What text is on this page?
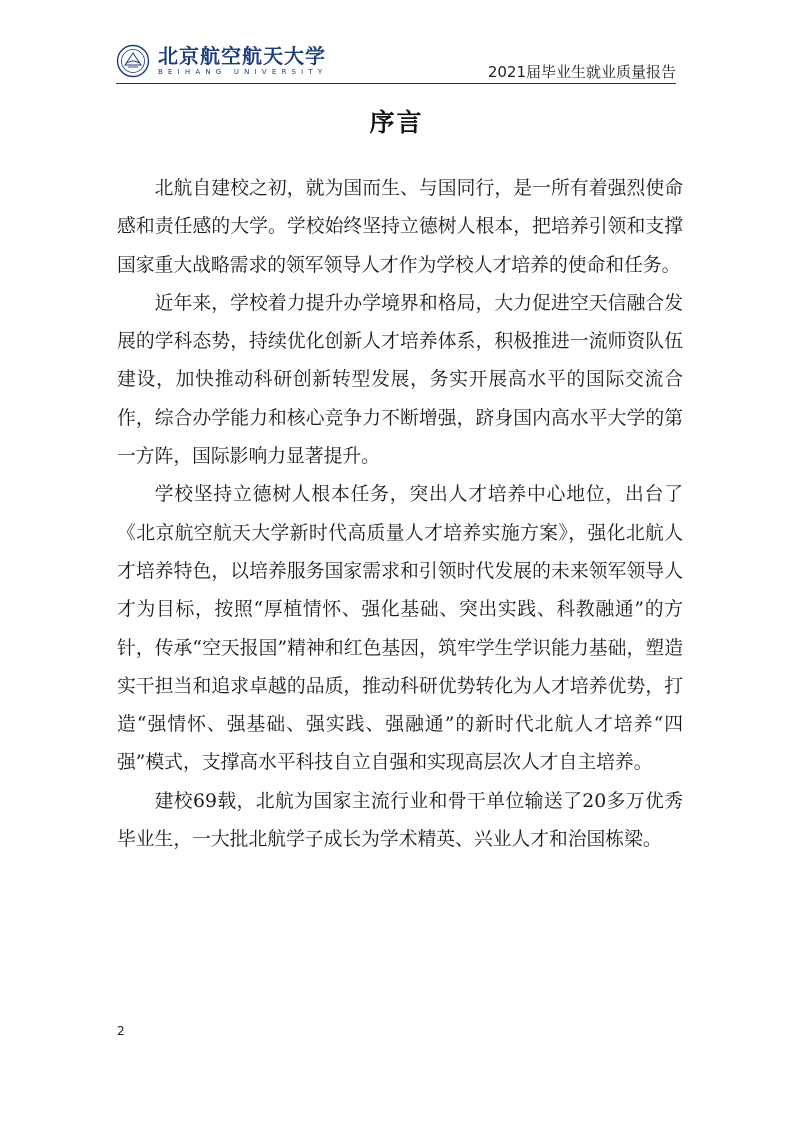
北京航空航天大学
BEIHANG UNIVERSITY	2021届毕业生就业质量报告
序言

北航自建校之初，就为国而生、与国同行，是一所有着强烈使命感和责任感的大学。学校始终坚持立德树人根本，把培养引领和支撑国家重大战略需求的领军领导人才作为学校人才培养的使命和任务。

近年来，学校着力提升办学境界和格局，大力促进空天信融合发展的学科态势，持续优化创新人才培养体系，积极推进一流师资队伍建设，加快推动科研创新转型发展，务实开展高水平的国际交流合作，综合办学能力和核心竞争力不断增强，跻身国内高水平大学的第一方阵，国际影响力显著提升。

学校坚持立德树人根本任务，突出人才培养中心地位，出台了《北京航空航天大学新时代高质量人才培养实施方案》，强化北航人才培养特色，以培养服务国家需求和引领时代发展的未来领军领导人才为目标，按照“厚植情怀、强化基础、突出实践、科教融通”的方针，传承“空天报国”精神和红色基因，筑牢学生学识能力基础，塑造实干担当和追求卓越的品质，推动科研优势转化为人才培养优势，打造“强情怀、强基础、强实践、强融通”的新时代北航人才培养“四强”模式，支撑高水平科技自立自强和实现高层次人才自主培养。

建校69载，北航为国家主流行业和骨干单位输送了20多万优秀毕业生，一大批北航学子成长为学术精英、兴业人才和治国栋梁。

2
